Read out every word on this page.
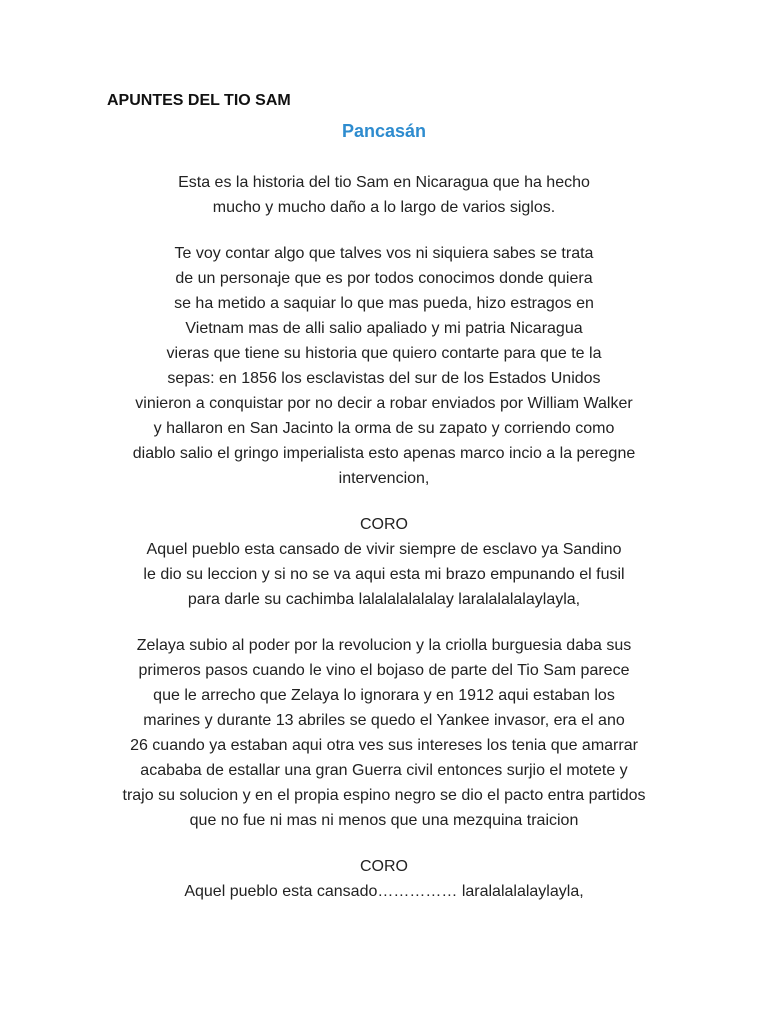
APUNTES DEL TIO SAM
Pancasán

Esta es la historia del tio Sam en Nicaragua que ha hecho
mucho y mucho daño a lo largo de varios siglos.

Te voy contar algo que talves vos ni siquiera sabes se trata
de un personaje que es por todos conocimos donde quiera
se ha metido a saquiar lo que mas pueda, hizo estragos en
Vietnam mas de alli salio apaliado y mi patria Nicaragua
vieras que tiene su historia que quiero contarte para que te la
sepas: en 1856 los esclavistas del sur de los Estados Unidos
vinieron a conquistar por no decir a robar enviados por William Walker
y hallaron en San Jacinto la orma de su zapato y corriendo como
diablo salio el gringo imperialista esto apenas marco incio a la peregne
intervencion,

CORO
Aquel pueblo esta cansado de vivir siempre de esclavo ya Sandino
le dio su leccion y si no se va aqui esta mi brazo empunando el fusil
para darle su cachimba lalalalalalalay laralalalalaylayla,

Zelaya subio al poder por la revolucion y la criolla burguesia daba sus
primeros pasos cuando le vino el bojaso de parte del Tio Sam parece
que le arrecho que Zelaya lo ignorara y en 1912 aqui estaban los
marines y durante 13 abriles se quedo el Yankee invasor, era el ano
26 cuando ya estaban aqui otra ves sus intereses los tenia que amarrar
acababa de estallar una gran Guerra civil entonces surjio el motete y
trajo su solucion y en el propia espino negro se dio el pacto entra partidos
que no fue ni mas ni menos que una mezquina traicion

CORO
Aquel pueblo esta cansado…………… laralalalalaylayla,
